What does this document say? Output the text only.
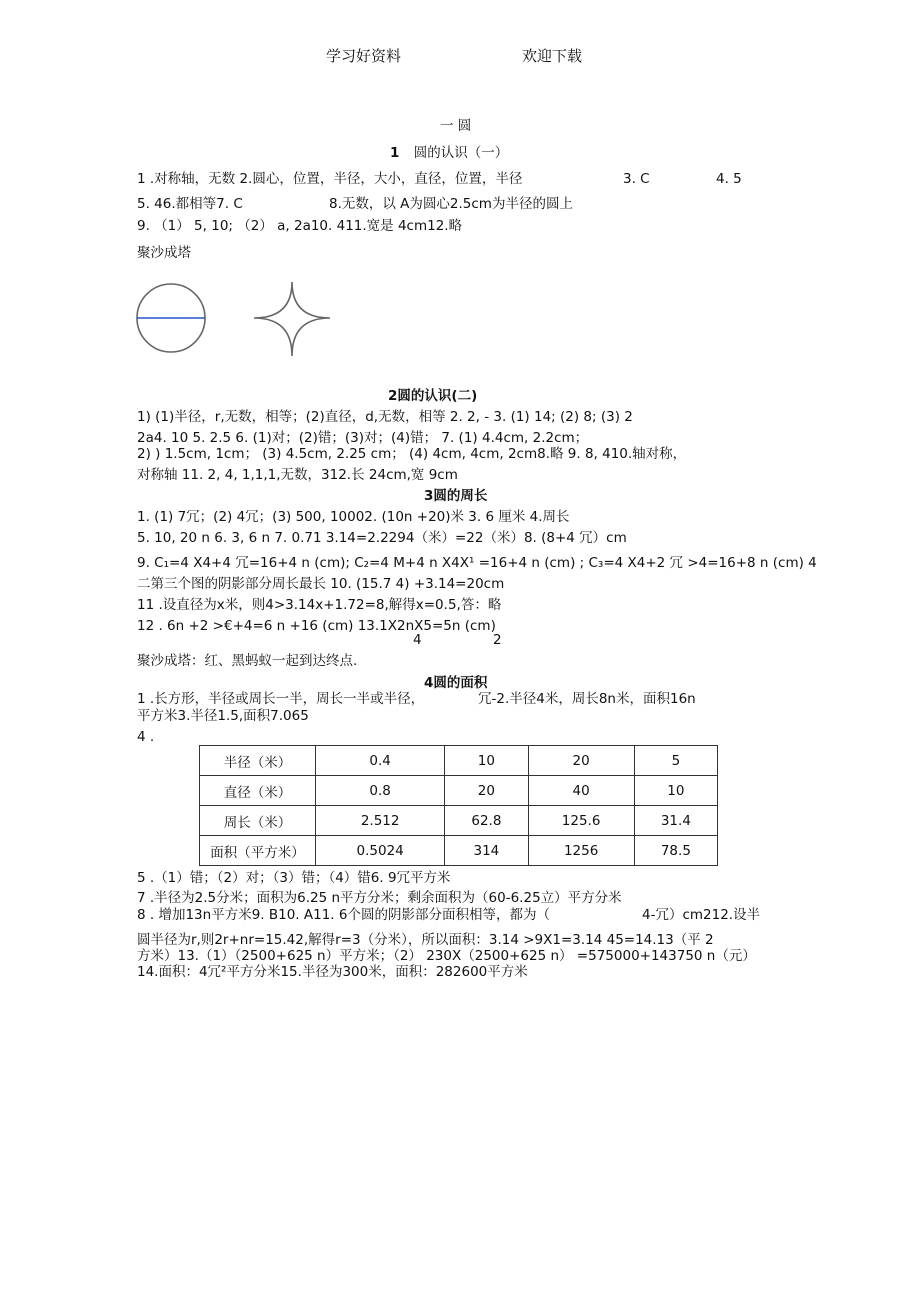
学习好资料	欢迎下载
一 圆
1 圆的认识（一）
1 .对称轴，无数 2.圆心，位置，半径，大小，直径，位置，半径	3. C	4. 5
5. 46.都相等7. C	8.无数，以 A为圆心2.5cm为半径的圆上
9. （1） 5, 10; （2） a, 2a10. 411.宽是 4cm12.略
聚沙成塔
2圆的认识(二)
1) (1)半径，r,无数，相等；(2)直径，d,无数，相等 2. 2, - 3. (1) 14; (2) 8; (3) 2
2a4. 10 5. 2.5 6. (1)对；(2)错；(3)对；(4)错； 7. (1) 4.4cm, 2.2cm；
2) ) 1.5cm, 1cm； (3) 4.5cm, 2.25 cm； (4) 4cm, 4cm, 2cm8.略 9. 8, 410.轴对称，
对称轴 11. 2, 4, 1,1,1,无数，312.长 24cm,宽 9cm
3圆的周长
1. (1) 7冗；(2) 4冗；(3) 500, 10002. (10n +20)米 3. 6 厘米 4.周长
5. 10, 20 n 6. 3, 6 n 7. 0.71 3.14=2.2294（米）=22（米）8. (8+4 冗）cm
9. C₁=4 X4+4 冗=16+4 n (cm); C₂=4 M+4 n X4X¹ =16+4 n (cm) ; C₃=4 X4+2 冗 >4=16+8 n (cm) 4
二第三个图的阴影部分周长最长 10. (15.7 4) +3.14=20cm
11 .设直径为x米，则4>3.14x+1.72=8,解得x=0.5,答：略
12 . 6n +2 >€+4=6 n +16 (cm) 13.1X2nX5=5n (cm)
4	2
聚沙成塔：红、黑蚂蚁一起到达终点.
4圆的面积
1 .长方形，半径或周长一半，周长一半或半径，	冗-2.半径4米，周长8n米，面积16n
平方米3.半径1.5,面积7.065
4 .
半径（米）	0.4	10	20	5
直径（米）	0.8	20	40	10
周长（米）	2.512	62.8	125.6	31.4
面积（平方米）	0.5024	314	1256	78.5
5 .（1）错；（2）对；（3）错；（4）错6. 9冗平方米
7 .半径为2.5分米；面积为6.25 n平方分米；剩余面积为（60-6.25立）平方分米
8 . 增加13n平方米9. B10. A11. 6个圆的阴影部分面积相等，都为（	4-冗）cm212.设半
圆半径为r,则2r+nr=15.42,解得r=3（分米），所以面积：3.14 >9X1=3.14 45=14.13（平 2
方米）13.（1）（2500+625 n）平方米；（2） 230X（2500+625 n） =575000+143750 n（元）
14.面积：4冗²平方分米15.半径为300米，面积：282600平方米
